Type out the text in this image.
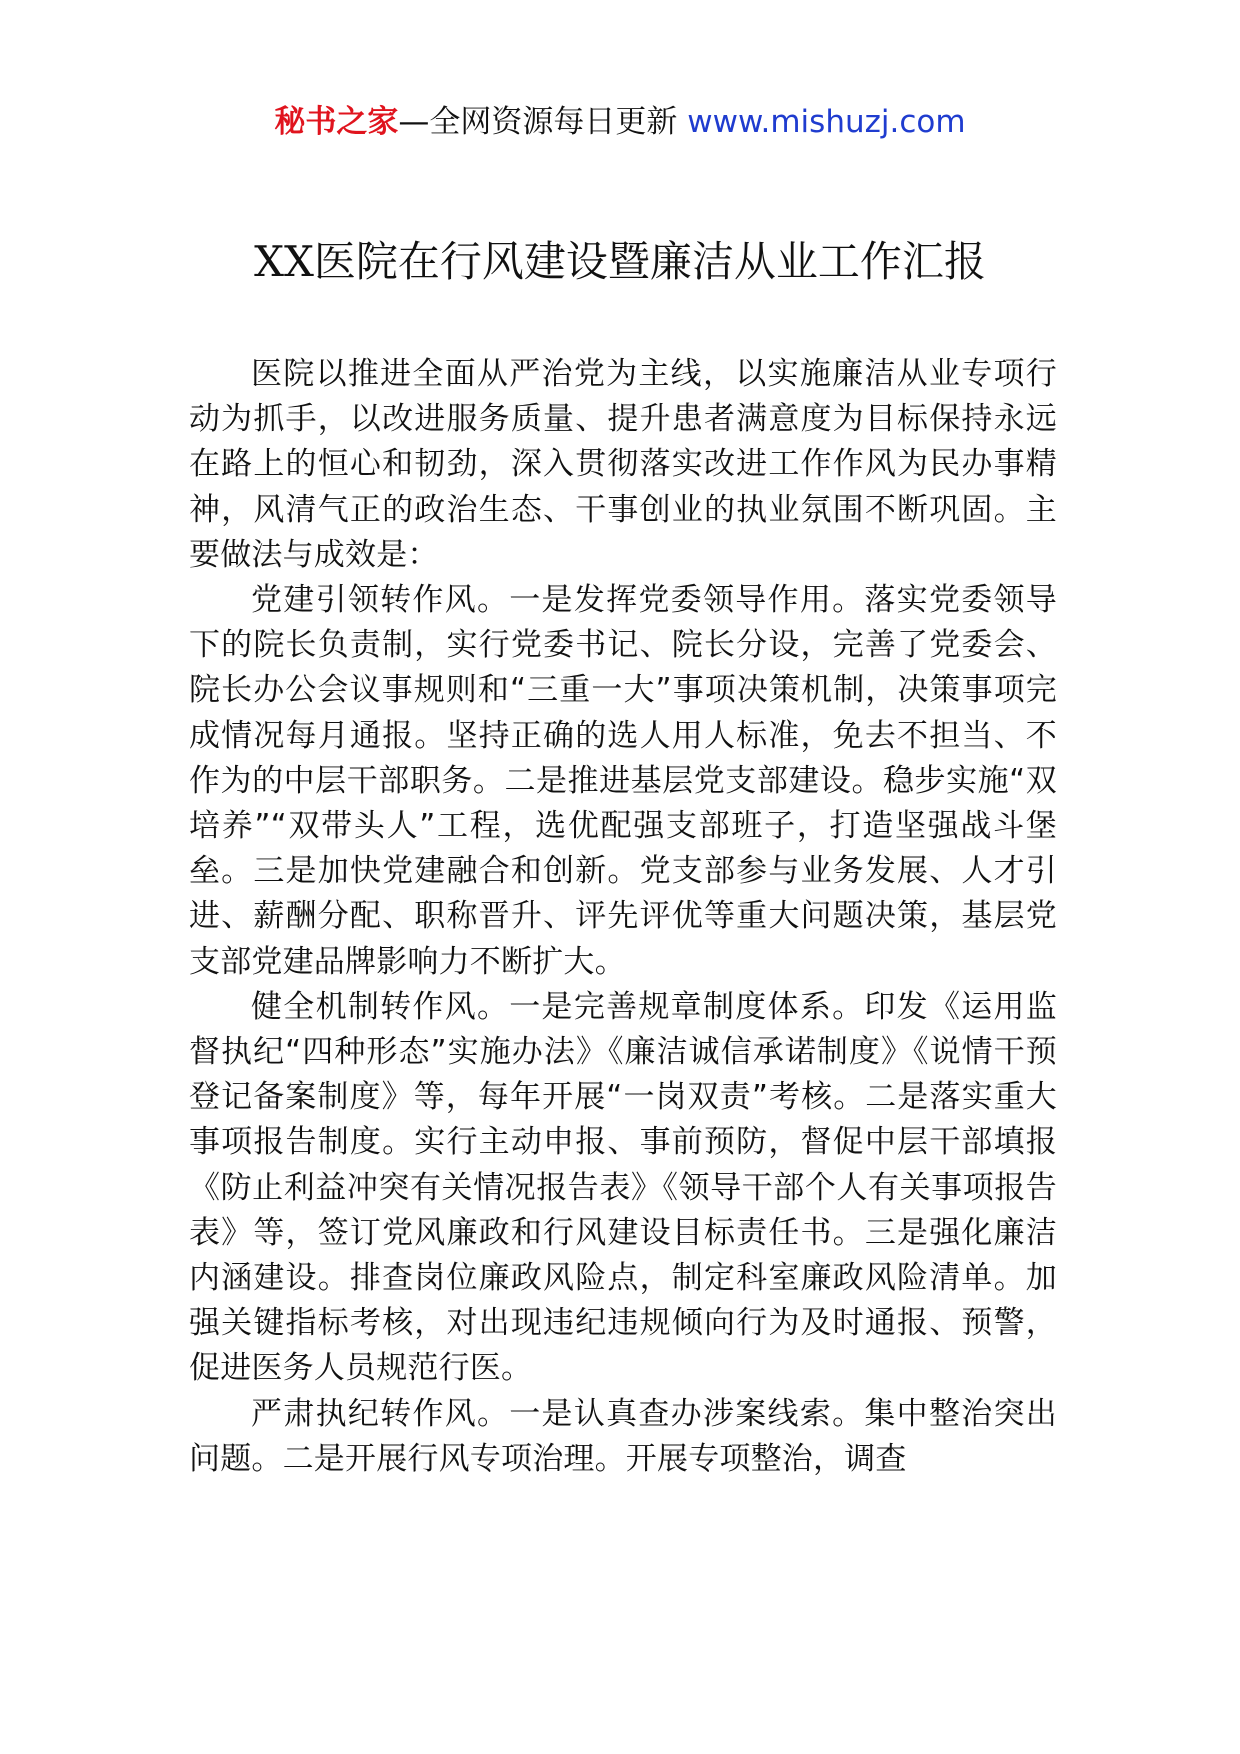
秘书之家—全网资源每日更新 www.mishuzj.com
XX医院在行风建设暨廉洁从业工作汇报

医院以推进全面从严治党为主线，以实施廉洁从业专项行动为抓手，以改进服务质量、提升患者满意度为目标保持永远在路上的恒心和韧劲，深入贯彻落实改进工作作风为民办事精神，风清气正的政治生态、干事创业的执业氛围不断巩固。主要做法与成效是：

党建引领转作风。一是发挥党委领导作用。落实党委领导下的院长负责制，实行党委书记、院长分设，完善了党委会、院长办公会议事规则和“三重一大”事项决策机制，决策事项完成情况每月通报。坚持正确的选人用人标准，免去不担当、不作为的中层干部职务。二是推进基层党支部建设。稳步实施“双培养”“双带头人”工程，选优配强支部班子，打造坚强战斗堡垒。三是加快党建融合和创新。党支部参与业务发展、人才引进、薪酬分配、职称晋升、评先评优等重大问题决策，基层党支部党建品牌影响力不断扩大。

健全机制转作风。一是完善规章制度体系。印发《运用监督执纪“四种形态”实施办法》《廉洁诚信承诺制度》《说情干预登记备案制度》等，每年开展“一岗双责”考核。二是落实重大事项报告制度。实行主动申报、事前预防，督促中层干部填报《防止利益冲突有关情况报告表》《领导干部个人有关事项报告表》等，签订党风廉政和行风建设目标责任书。三是强化廉洁内涵建设。排查岗位廉政风险点，制定科室廉政风险清单。加强关键指标考核，对出现违纪违规倾向行为及时通报、预警，促进医务人员规范行医。

严肃执纪转作风。一是认真查办涉案线索。集中整治突出问题。二是开展行风专项治理。开展专项整治，调查
